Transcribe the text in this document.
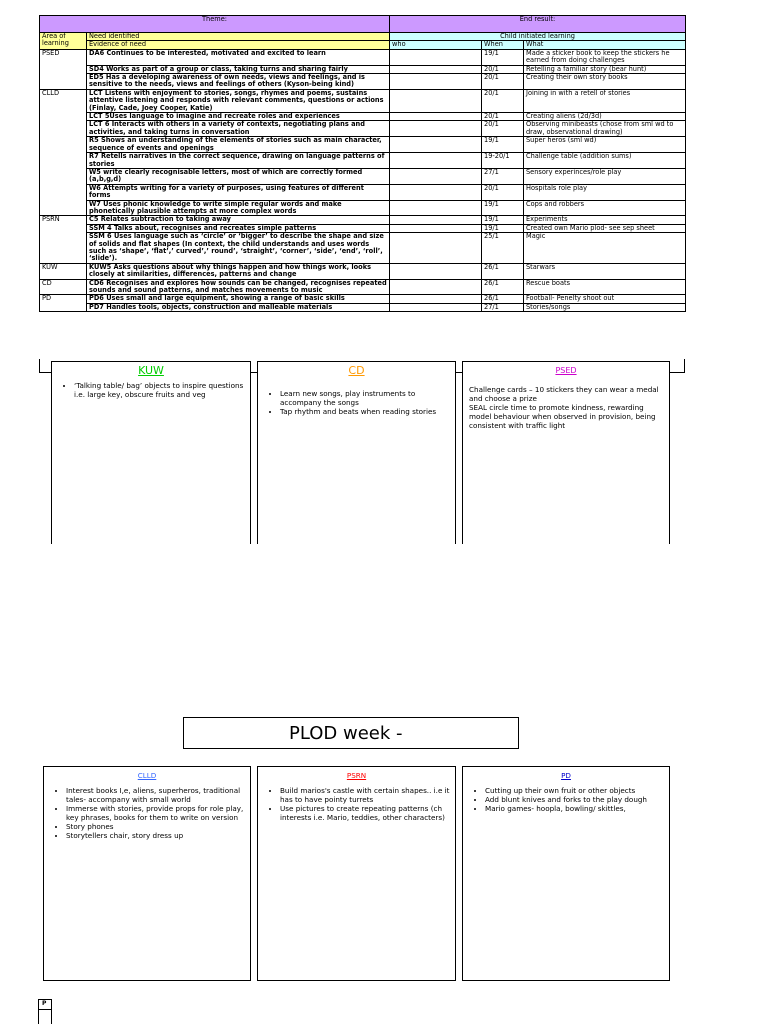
Theme:		End result:		
Area of learning	Need identified	Child initiated learning		
	Evidence of need	who	When	What
PSED	DA6 Continues to be interested, motivated and excited to learn		19/1	Made a sticker book to keep the stickers he earned from doing challenges
	SD4 Works as part of a group or class, taking turns and sharing fairly		20/1	Retelling a familiar story (bear hunt)
	ED5 Has a developing awareness of own needs, views and feelings, and is sensitive to the needs, views and feelings of others (Kyson-being kind)		20/1	Creating their own story books
CLLD	LCT Listens with enjoyment to stories, songs, rhymes and poems, sustains attentive listening and responds with relevant comments, questions or actions (Finlay, Cade, Joey Cooper, Katie)		20/1	Joining in with a retell of stories
	LCT 5Uses language to imagine and recreate roles and experiences		20/1	Creating aliens (2d/3d)
	LCT 6 Interacts with others in a variety of contexts, negotiating plans and activities, and taking turns in conversation		20/1	Observing minibeasts (chose from sml wd to draw, observational drawing)
	R5 Shows an understanding of the elements of stories such as main character, sequence of events and openings		19/1	Super heros (sml wd)
	R7 Retells narratives in the correct sequence, drawing on language patterns of stories		19-20/1	Challenge table (addition sums)
	W5 write clearly recognisable letters, most of which are correctly formed (a,b,g,d)		27/1	Sensory experinces/role play
	W6 Attempts writing for a variety of purposes, using features of different forms		20/1	Hospitals role play
	W7 Uses phonic knowledge to write simple regular words and make phonetically plausible attempts at more complex words		19/1	Cops and robbers
PSRN	C5 Relates subtraction to taking away		19/1	Experiments
	SSM 4 Talks about, recognises and recreates simple patterns		19/1	Created own Mario plod- see sep sheet
	SSM 6 Uses language such as ‘circle’ or ‘bigger’ to describe the shape and size of solids and flat shapes (In context, the child understands and uses words such as ‘shape’, ‘flat’,’ curved’,’ round’, ‘straight’, ‘corner’, ‘side’, ‘end’, ‘roll’, ‘slide’).		25/1	Magic
KUW	KUW5 Asks questions about why things happen and how things work, looks closely at similarities, differences, patterns and change		26/1	Starwars
CD	CD6 Recognises and explores how sounds can be changed, recognises repeated sounds and sound patterns, and matches movements to music		26/1	Rescue boats
PD	PD6 Uses small and large equipment, showing a range of basic skills		26/1	Football- Penelty shoot out
	PD7 Handles tools, objects, construction and malleable materials		27/1	Stories/songs
KUW
• ‘Talking table/ bag’ objects to inspire questions i.e. large key, obscure fruits and veg
CD
• Learn new songs, play instruments to accompany the songs
• Tap rhythm and beats when reading stories
PSED

Challenge cards – 10 stickers they can wear a medal and choose a prize

SEAL circle time to promote kindness, rewarding model behaviour when observed in provision, being consistent with traffic light

PLOD week -
CLLD
• Interest books I,e, aliens, superheros, traditional tales- accompany with small world
• Immerse with stories, provide props for role play, key phrases, books for them to write on version
• Story phones
• Storytellers chair, story dress up
PSRN
• Build marios's castle with certain shapes.. i.e it has to have pointy turrets
• Use pictures to create repeating patterns (ch interests i.e. Mario, teddies, other characters)
PD
• Cutting up their own fruit or other objects
• Add blunt knives and forks to the play dough
• Mario games- hoopla, bowling/ skittles,
P
